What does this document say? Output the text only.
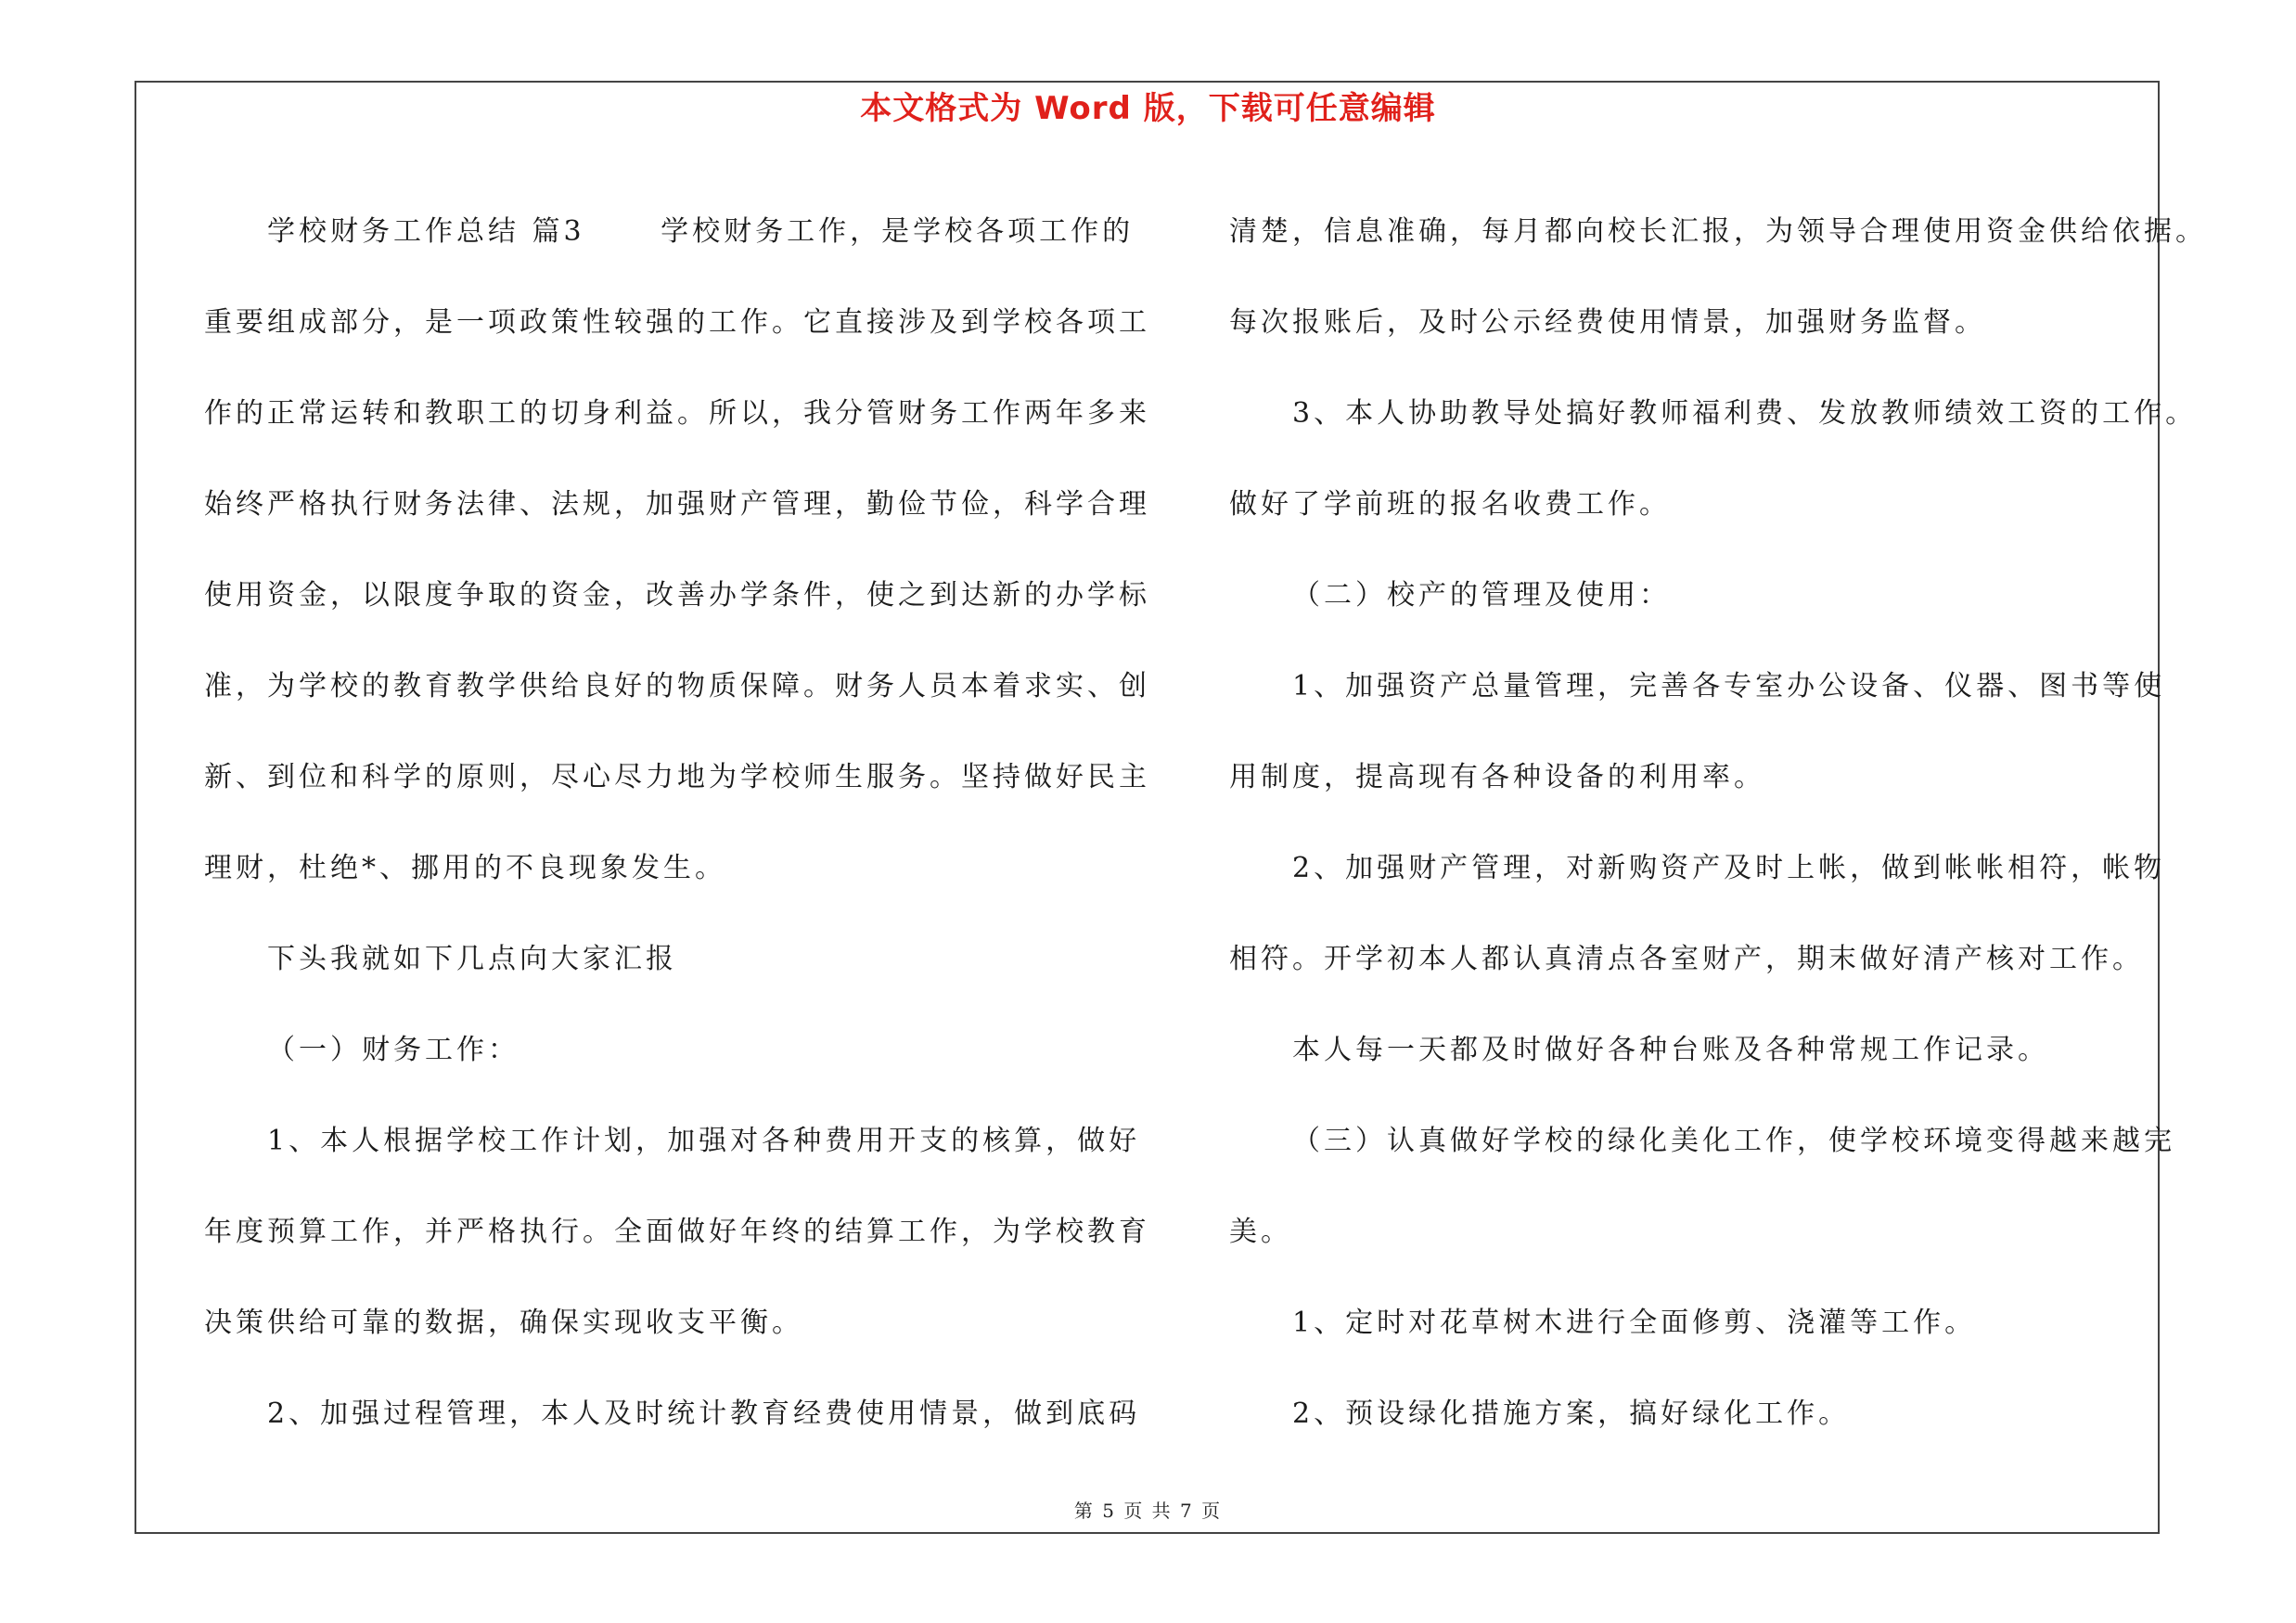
本文格式为 Word 版，下载可任意编辑
学校财务工作总结 篇3 　　学校财务工作，是学校各项工作的
重要组成部分，是一项政策性较强的工作。它直接涉及到学校各项工
作的正常运转和教职工的切身利益。所以，我分管财务工作两年多来
始终严格执行财务法律、法规，加强财产管理，勤俭节俭，科学合理
使用资金，以限度争取的资金，改善办学条件，使之到达新的办学标
准，为学校的教育教学供给良好的物质保障。财务人员本着求实、创
新、到位和科学的原则，尽心尽力地为学校师生服务。坚持做好民主
理财，杜绝*、挪用的不良现象发生。
下头我就如下几点向大家汇报
（一）财务工作：
1、本人根据学校工作计划，加强对各种费用开支的核算，做好
年度预算工作，并严格执行。全面做好年终的结算工作，为学校教育
决策供给可靠的数据，确保实现收支平衡。
2、加强过程管理，本人及时统计教育经费使用情景，做到底码
清楚，信息准确，每月都向校长汇报，为领导合理使用资金供给依据。
每次报账后，及时公示经费使用情景，加强财务监督。
3、本人协助教导处搞好教师福利费、发放教师绩效工资的工作。
做好了学前班的报名收费工作。
（二）校产的管理及使用：
1、加强资产总量管理，完善各专室办公设备、仪器、图书等使
用制度，提高现有各种设备的利用率。
2、加强财产管理，对新购资产及时上帐，做到帐帐相符，帐物
相符。开学初本人都认真清点各室财产，期末做好清产核对工作。
本人每一天都及时做好各种台账及各种常规工作记录。
（三）认真做好学校的绿化美化工作，使学校环境变得越来越完
美。
1、定时对花草树木进行全面修剪、浇灌等工作。
2、预设绿化措施方案，搞好绿化工作。
第 5 页 共 7 页
